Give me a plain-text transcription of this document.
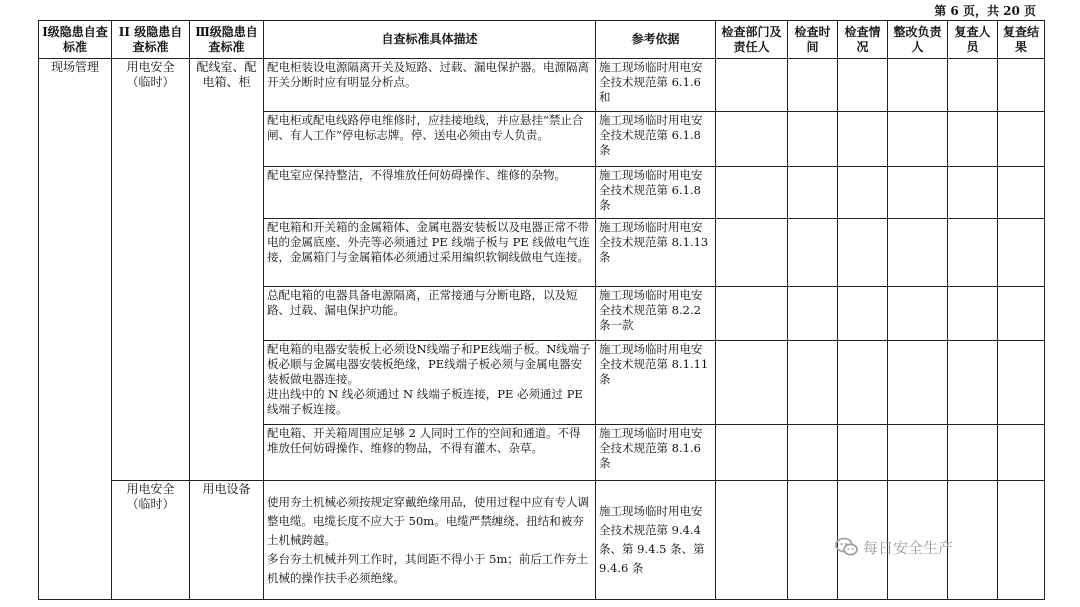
第 6 页，共 20 页
Ⅰ级隐患自查标准	II 级隐患自查标准	Ⅲ级隐患自查标准	自查标准具体描述	参考依据	检查部门及责任人	检查时间	检查情况	整改负责人	复查人员	复查结果
现场管理	用电安全（临时）	配线室、配电箱、柜	配电柜装设电源隔离开关及短路、过载、漏电保护器。电源隔离开关分断时应有明显分析点。	施工现场临时用电安全技术规范第 6.1.6 和						

			配电柜或配电线路停电维修时，应挂接地线，并应悬挂“禁止合闸、有人工作”停电标志牌。停、送电必须由专人负责。	施工现场临时用电安全技术规范第 6.1.8 条						

			配电室应保持整洁，不得堆放任何妨碍操作、维修的杂物。	施工现场临时用电安全技术规范第 6.1.8 条						

			配电箱和开关箱的金属箱体、金属电器安装板以及电器正常不带电的金属底座、外壳等必须通过 PE 线端子板与 PE 线做电气连接，金属箱门与金属箱体必须通过采用编织软铜线做电气连接。	施工现场临时用电安全技术规范第 8.1.13 条						

			总配电箱的电器具备电源隔离，正常接通与分断电路，以及短路、过载、漏电保护功能。	施工现场临时用电安全技术规范第 8.2.2 条一款						

			配电箱的电器安装板上必须设N线端子和PE线端子板。N线端子板必顺与金属电器安装板绝缘，PE线端子板必须与金属电器安装板做电器连接。
进出线中的 N 线必须通过 N 线端子板连接，PE 必须通过 PE 线端子板连接。	施工现场临时用电安全技术规范第 8.1.11 条						

			配电箱、开关箱周围应足够 2 人同时工作的空间和通道。不得堆放任何妨碍操作、维修的物品，不得有灌木、杂草。	施工现场临时用电安全技术规范第 8.1.6 条						
	用电安全（临时）	用电设备	使用夯土机械必须按规定穿戴绝缘用品，使用过程中应有专人调整电缆。电缆长度不应大于 50m。电缆严禁缠绕、扭结和被夯土机械跨越。
多台夯土机械并列工作时，其间距不得小于 5m；前后工作夯土机械的操作扶手必须绝缘。	施工现场临时用电安全技术规范第 9.4.4 条、第 9.4.5 条、第 9.4.6 条						
每日安全生产
